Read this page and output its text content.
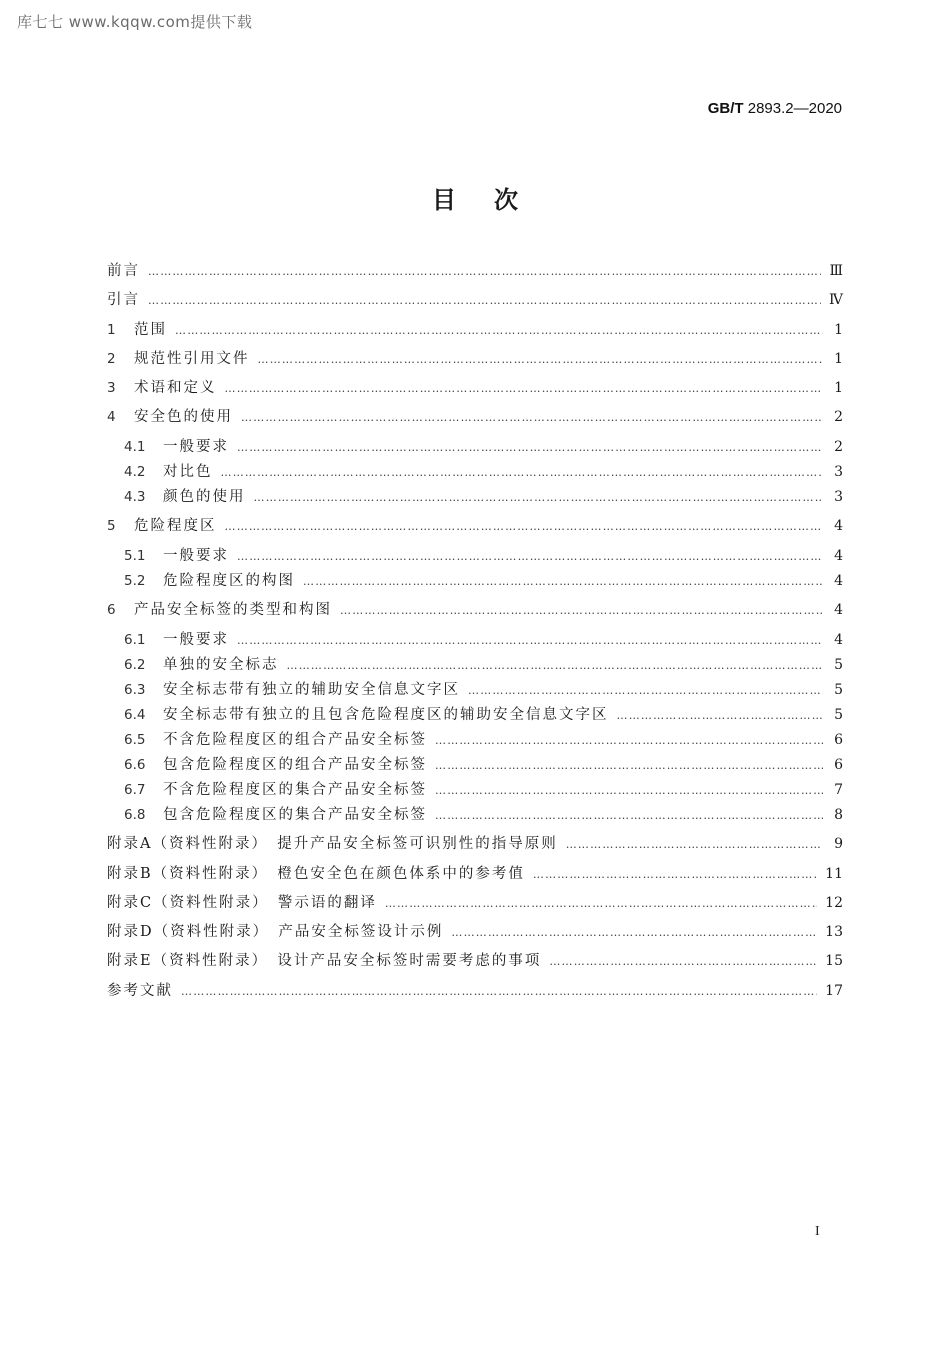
库七七 www.kqqw.com提供下载
GB/T 2893.2—2020
目次
前言 …………………………………………………………………………………………………………………………………………………………………………………………………………………………	Ⅲ
引言 …………………………………………………………………………………………………………………………………………………………………………………………………………………………	Ⅳ
1	范围 …………………………………………………………………………………………………………………………………………………………………………………………………………………………	1
2	规范性引用文件 …………………………………………………………………………………………………………………………………………………………………………………………………………………………	1
3	术语和定义 …………………………………………………………………………………………………………………………………………………………………………………………………………………………	1
4	安全色的使用 …………………………………………………………………………………………………………………………………………………………………………………………………………………………	2
4.1	一般要求 …………………………………………………………………………………………………………………………………………………………………………………………………………………………	2
4.2	对比色 …………………………………………………………………………………………………………………………………………………………………………………………………………………………	3
4.3	颜色的使用 …………………………………………………………………………………………………………………………………………………………………………………………………………………………	3
5	危险程度区 …………………………………………………………………………………………………………………………………………………………………………………………………………………………	4
5.1	一般要求 …………………………………………………………………………………………………………………………………………………………………………………………………………………………	4
5.2	危险程度区的构图 …………………………………………………………………………………………………………………………………………………………………………………………………………………………	4
6	产品安全标签的类型和构图 …………………………………………………………………………………………………………………………………………………………………………………………………………………………	4
6.1	一般要求 …………………………………………………………………………………………………………………………………………………………………………………………………………………………	4
6.2	单独的安全标志 …………………………………………………………………………………………………………………………………………………………………………………………………………………………	5
6.3	安全标志带有独立的辅助安全信息文字区 …………………………………………………………………………………………………………………………………………………………………………………………………………………………	5
6.4	安全标志带有独立的且包含危险程度区的辅助安全信息文字区 …………………………………………………………………………………………………………………………………………………………………………………………………………………………	5
6.5	不含危险程度区的组合产品安全标签 …………………………………………………………………………………………………………………………………………………………………………………………………………………………	6
6.6	包含危险程度区的组合产品安全标签 …………………………………………………………………………………………………………………………………………………………………………………………………………………………	6
6.7	不含危险程度区的集合产品安全标签 …………………………………………………………………………………………………………………………………………………………………………………………………………………………	7
6.8	包含危险程度区的集合产品安全标签 …………………………………………………………………………………………………………………………………………………………………………………………………………………………	8
附录A（资料性附录）　提升产品安全标签可识别性的指导原则 …………………………………………………………………………………………………………………………………………………………………………………………………………………………	9
附录B（资料性附录）　橙色安全色在颜色体系中的参考值 …………………………………………………………………………………………………………………………………………………………………………………………………………………………	11
附录C（资料性附录）　警示语的翻译 …………………………………………………………………………………………………………………………………………………………………………………………………………………………	12
附录D（资料性附录）　产品安全标签设计示例 …………………………………………………………………………………………………………………………………………………………………………………………………………………………	13
附录E（资料性附录）　设计产品安全标签时需要考虑的事项 …………………………………………………………………………………………………………………………………………………………………………………………………………………………	15
参考文献 …………………………………………………………………………………………………………………………………………………………………………………………………………………………	17
I
